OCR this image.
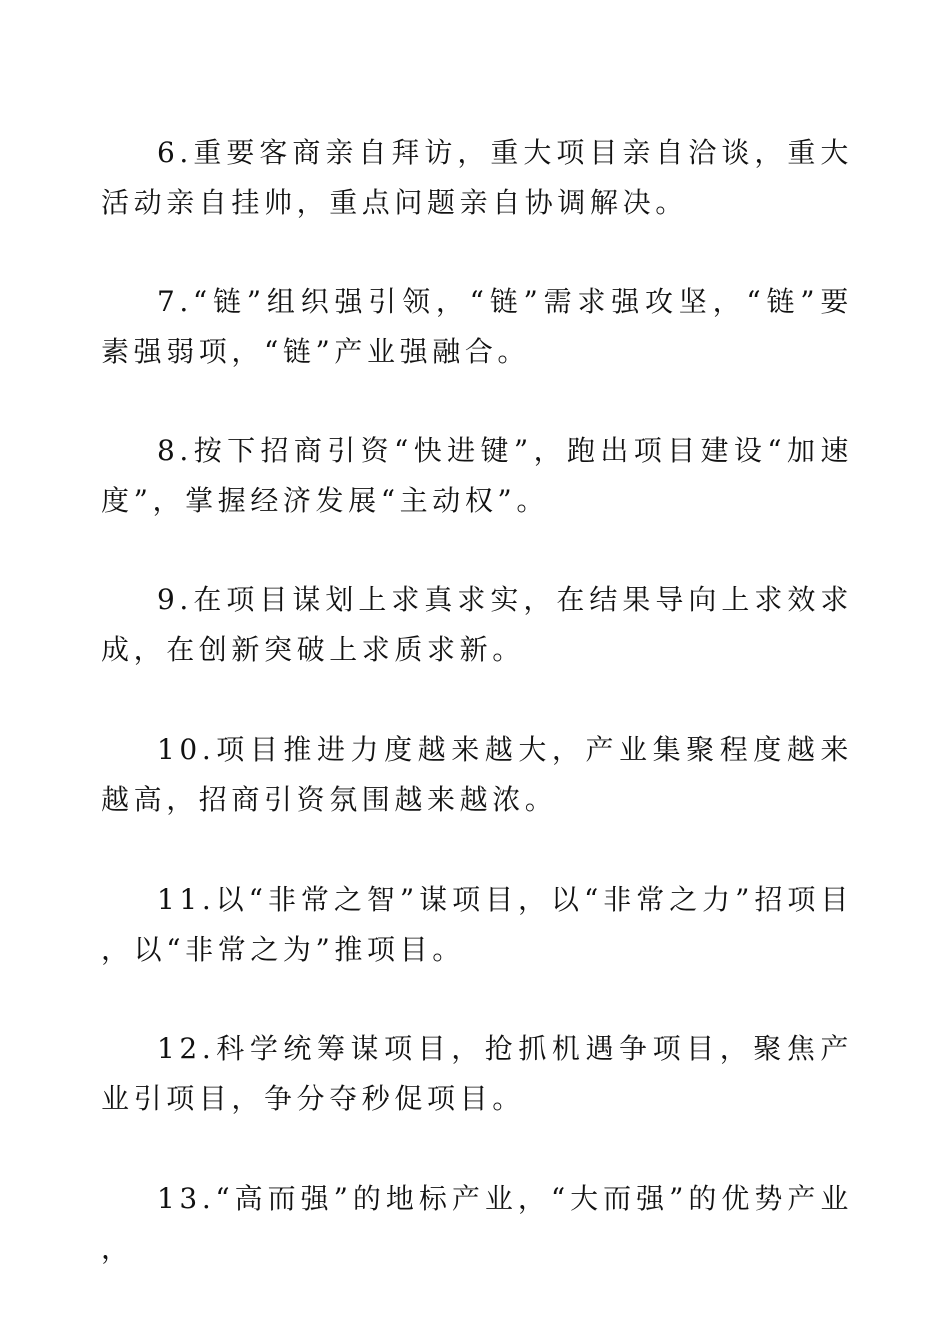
6.重要客商亲自拜访，重大项目亲自洽谈，重大活动亲自挂帅，重点问题亲自协调解决。

7.“链”组织强引领，“链”需求强攻坚，“链”要素强弱项，“链”产业强融合。

8.按下招商引资“快进键”，跑出项目建设“加速度”，掌握经济发展“主动权”。

9.在项目谋划上求真求实，在结果导向上求效求成，在创新突破上求质求新。

10.项目推进力度越来越大，产业集聚程度越来越高，招商引资氛围越来越浓。

11.以“非常之智”谋项目，以“非常之力”招项目，以“非常之为”推项目。

12.科学统筹谋项目，抢抓机遇争项目，聚焦产业引项目，争分夺秒促项目。

13.“高而强”的地标产业，“大而强”的优势产业，
